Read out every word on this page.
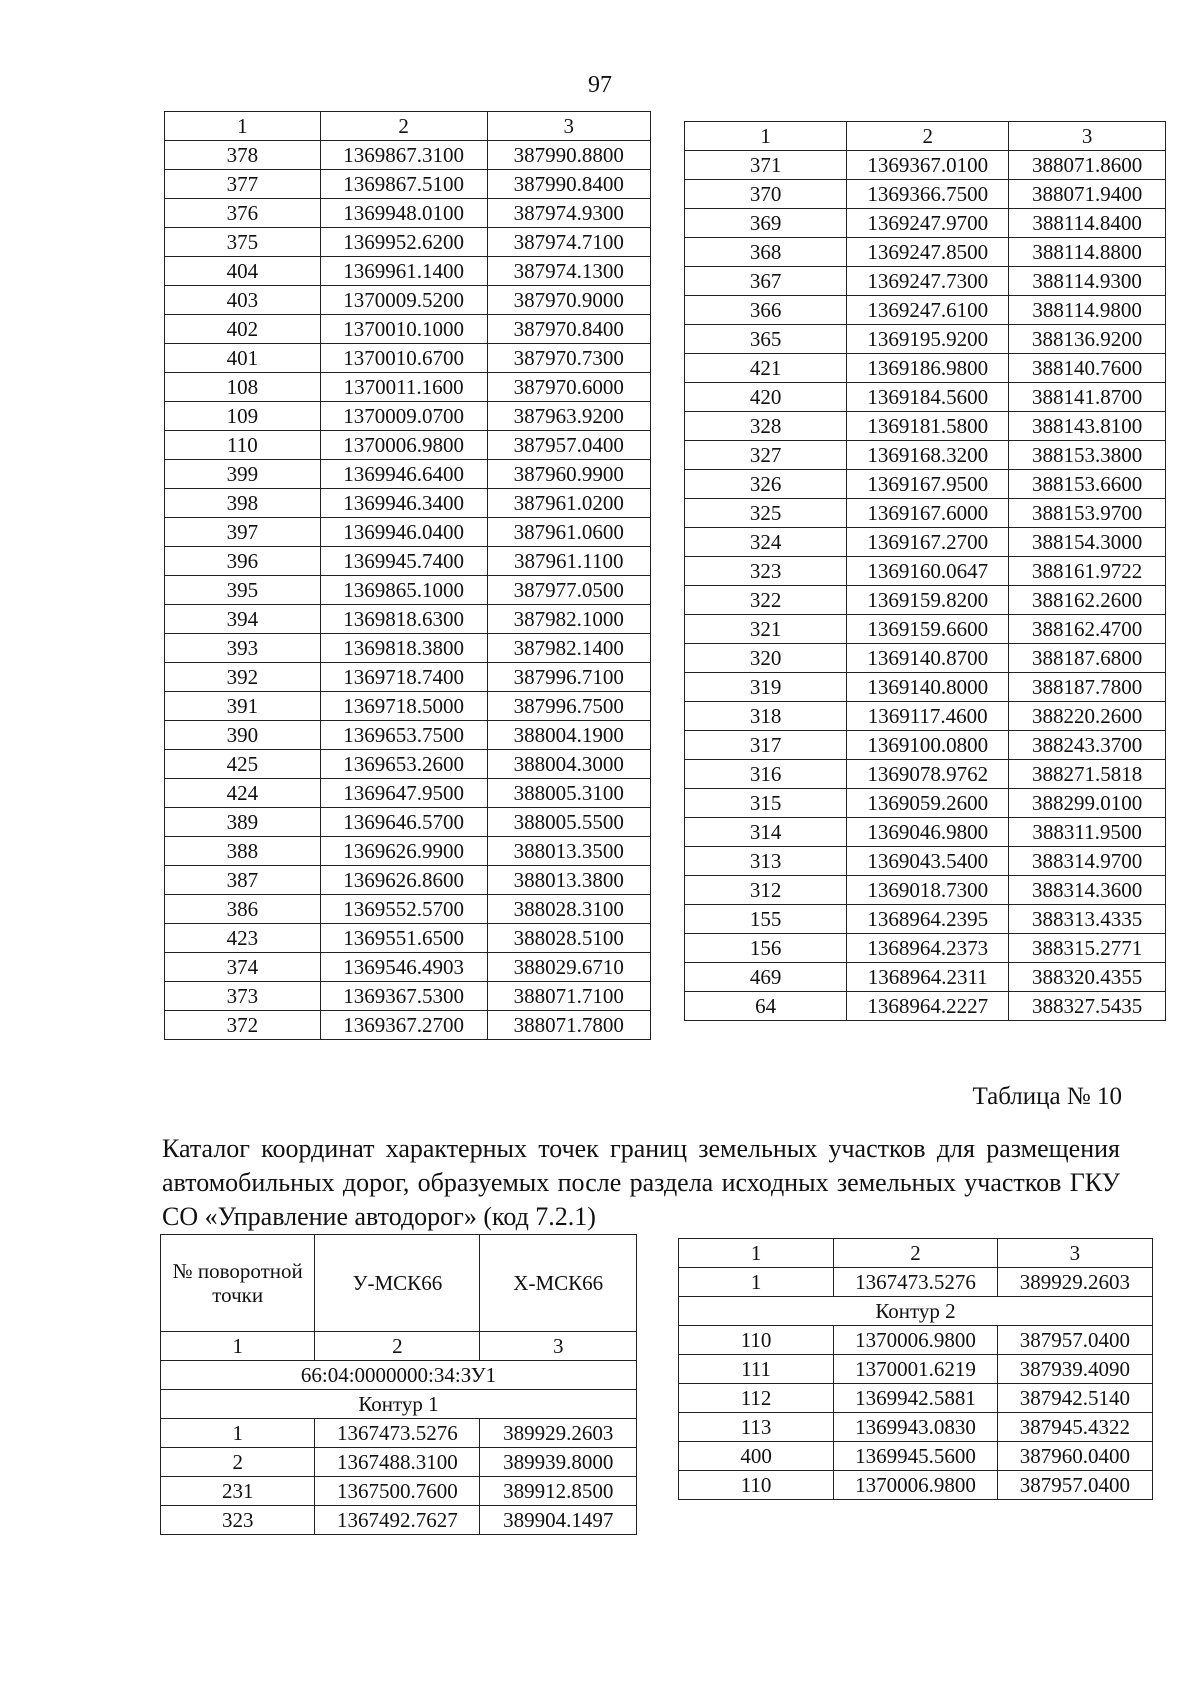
97
1	2	3
378	1369867.3100	387990.8800
377	1369867.5100	387990.8400
376	1369948.0100	387974.9300
375	1369952.6200	387974.7100
404	1369961.1400	387974.1300
403	1370009.5200	387970.9000
402	1370010.1000	387970.8400
401	1370010.6700	387970.7300
108	1370011.1600	387970.6000
109	1370009.0700	387963.9200
110	1370006.9800	387957.0400
399	1369946.6400	387960.9900
398	1369946.3400	387961.0200
397	1369946.0400	387961.0600
396	1369945.7400	387961.1100
395	1369865.1000	387977.0500
394	1369818.6300	387982.1000
393	1369818.3800	387982.1400
392	1369718.7400	387996.7100
391	1369718.5000	387996.7500
390	1369653.7500	388004.1900
425	1369653.2600	388004.3000
424	1369647.9500	388005.3100
389	1369646.5700	388005.5500
388	1369626.9900	388013.3500
387	1369626.8600	388013.3800
386	1369552.5700	388028.3100
423	1369551.6500	388028.5100
374	1369546.4903	388029.6710
373	1369367.5300	388071.7100
372	1369367.2700	388071.7800
1	2	3
371	1369367.0100	388071.8600
370	1369366.7500	388071.9400
369	1369247.9700	388114.8400
368	1369247.8500	388114.8800
367	1369247.7300	388114.9300
366	1369247.6100	388114.9800
365	1369195.9200	388136.9200
421	1369186.9800	388140.7600
420	1369184.5600	388141.8700
328	1369181.5800	388143.8100
327	1369168.3200	388153.3800
326	1369167.9500	388153.6600
325	1369167.6000	388153.9700
324	1369167.2700	388154.3000
323	1369160.0647	388161.9722
322	1369159.8200	388162.2600
321	1369159.6600	388162.4700
320	1369140.8700	388187.6800
319	1369140.8000	388187.7800
318	1369117.4600	388220.2600
317	1369100.0800	388243.3700
316	1369078.9762	388271.5818
315	1369059.2600	388299.0100
314	1369046.9800	388311.9500
313	1369043.5400	388314.9700
312	1369018.7300	388314.3600
155	1368964.2395	388313.4335
156	1368964.2373	388315.2771
469	1368964.2311	388320.4355
64	1368964.2227	388327.5435
Таблица № 10
Каталог координат характерных точек границ земельных участков для размещения автомобильных дорог, образуемых после раздела исходных земельных участков ГКУ СО «Управление автодорог» (код 7.2.1)
№ поворотной точки	У-МСК66	Х-МСК66
1	2	3
66:04:0000000:34:ЗУ1		
Контур 1		
1	1367473.5276	389929.2603
2	1367488.3100	389939.8000
231	1367500.7600	389912.8500
323	1367492.7627	389904.1497
1	2	3
1	1367473.5276	389929.2603
Контур 2		
110	1370006.9800	387957.0400
111	1370001.6219	387939.4090
112	1369942.5881	387942.5140
113	1369943.0830	387945.4322
400	1369945.5600	387960.0400
110	1370006.9800	387957.0400
